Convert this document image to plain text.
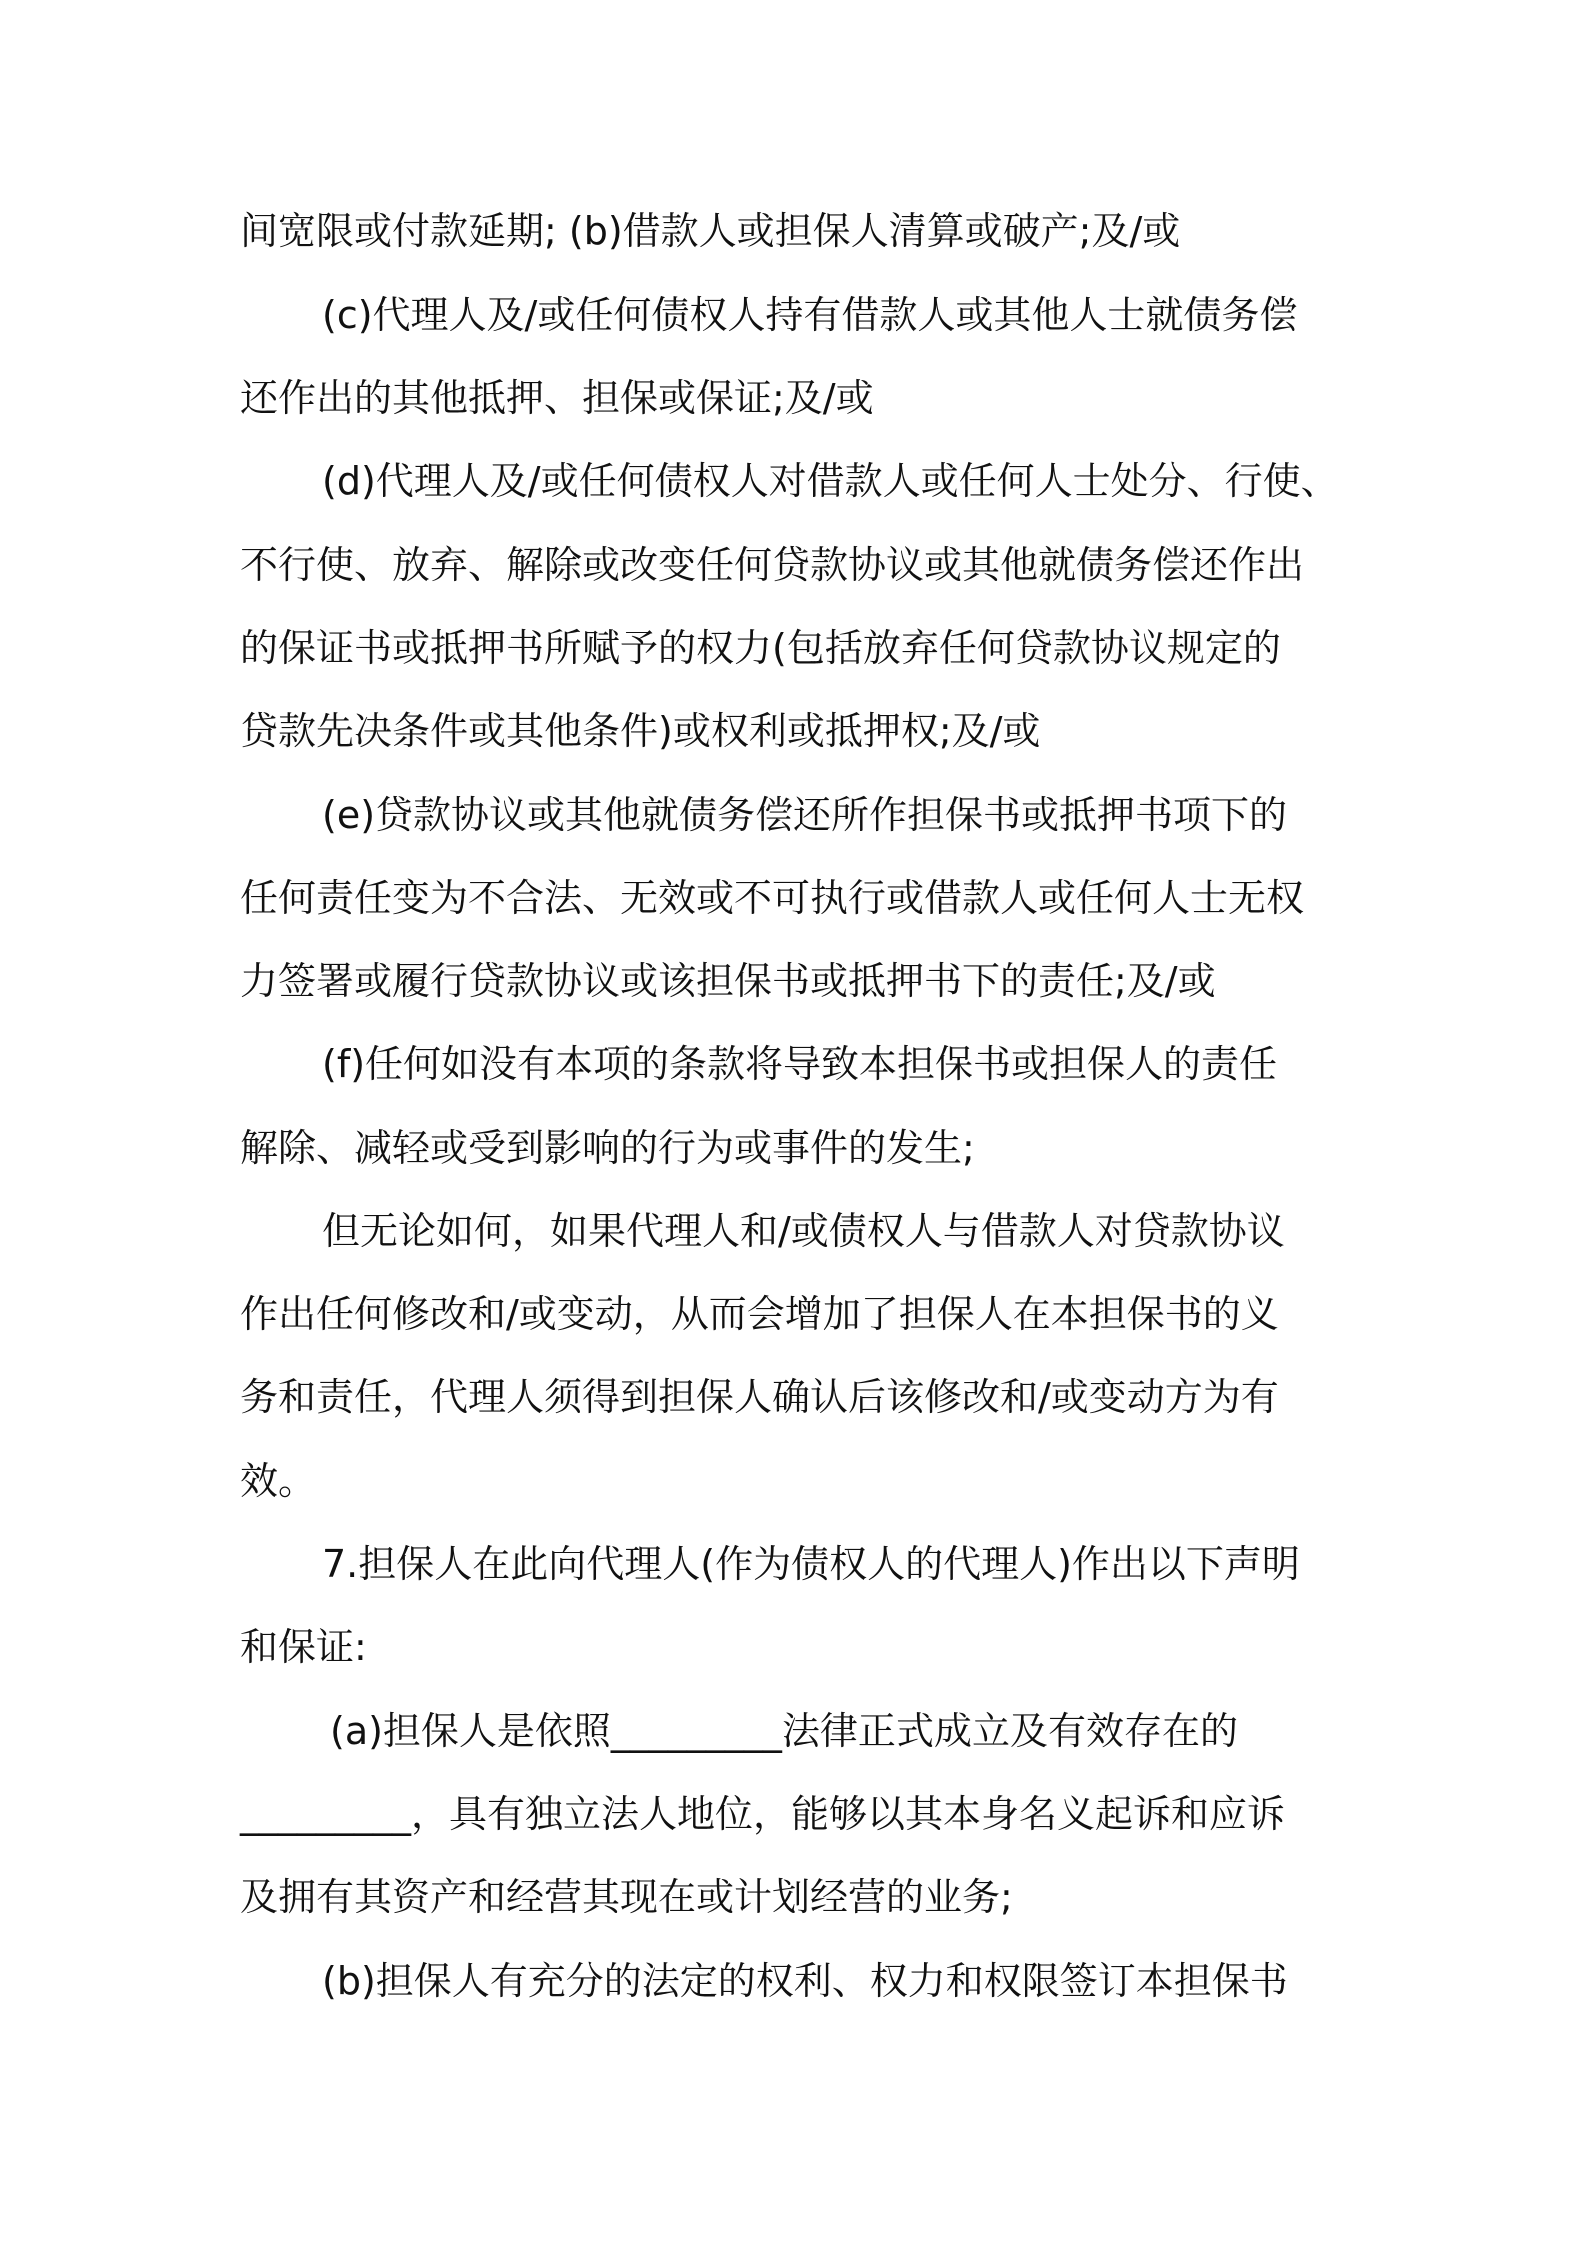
间宽限或付款延期; (b)借款人或担保人清算或破产;及/或
(c)代理人及/或任何债权人持有借款人或其他人士就债务偿
还作出的其他抵押、担保或保证;及/或
(d)代理人及/或任何债权人对借款人或任何人士处分、行使、
不行使、放弃、解除或改变任何贷款协议或其他就债务偿还作出
的保证书或抵押书所赋予的权力(包括放弃任何贷款协议规定的
贷款先决条件或其他条件)或权利或抵押权;及/或
(e)贷款协议或其他就债务偿还所作担保书或抵押书项下的
任何责任变为不合法、无效或不可执行或借款人或任何人士无权
力签署或履行贷款协议或该担保书或抵押书下的责任;及/或
(f)任何如没有本项的条款将导致本担保书或担保人的责任
解除、减轻或受到影响的行为或事件的发生;
但无论如何，如果代理人和/或债权人与借款人对贷款协议
作出任何修改和/或变动，从而会增加了担保人在本担保书的义
务和责任，代理人须得到担保人确认后该修改和/或变动方为有
效。
7.担保人在此向代理人(作为债权人的代理人)作出以下声明
和保证:
(a)担保人是依照_________法律正式成立及有效存在的
_________，具有独立法人地位，能够以其本身名义起诉和应诉
及拥有其资产和经营其现在或计划经营的业务;
(b)担保人有充分的法定的权利、权力和权限签订本担保书
